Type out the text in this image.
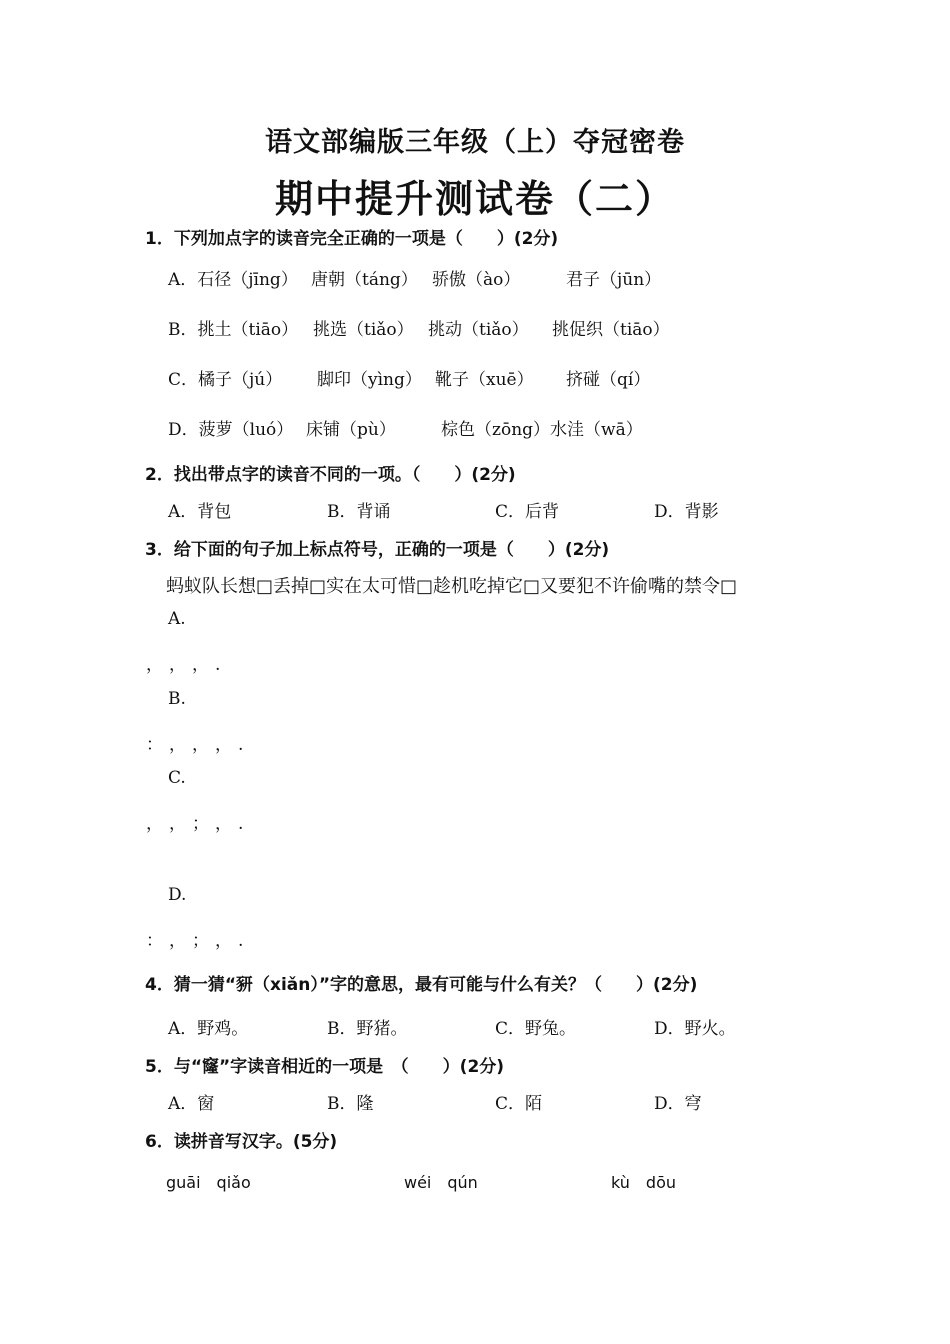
语文部编版三年级（上）夺冠密卷
期中提升测试卷（二）
1．下列加点字的读音完全正确的一项是（　　）(2分)
A．石径（jīng） 唐朝（táng） 骄傲（ào）	君子（jūn）
B．挑土（tiāo） 挑选（tiǎo） 挑动（tiǎo） 挑促织（tiāo）
C．橘子（jú） 脚印（yìng） 靴子（xuē） 挤碰（qí）
D．菠萝（luó） 床铺（pù）	棕色（zōng）水洼（wā）
2．找出带点字的读音不同的一项。（　　）(2分)
A．背包	B．背诵	C．后背	D．背影
3．给下面的句子加上标点符号，正确的一项是（　　）(2分)
蚂蚁队长想□丢掉□实在太可惜□趁机吃掉它□又要犯不许偷嘴的禁令□
A.
， ， ， .
B.
： ， ， ， .
C.
， ， ； ， .
D.
： ， ； ， .
4．猜一猜“豜（xiǎn）”字的意思，最有可能与什么有关？（　　）(2分)
A．野鸡。	B．野猪。	C．野兔。	D．野火。
5．与“窿”字读音相近的一项是　（　　）(2分)
A．窗	B．隆	C．陌	D．穹
6．读拼音写汉字。(5分)
guāi　qiǎo	wéi　qún	kù　dōu
